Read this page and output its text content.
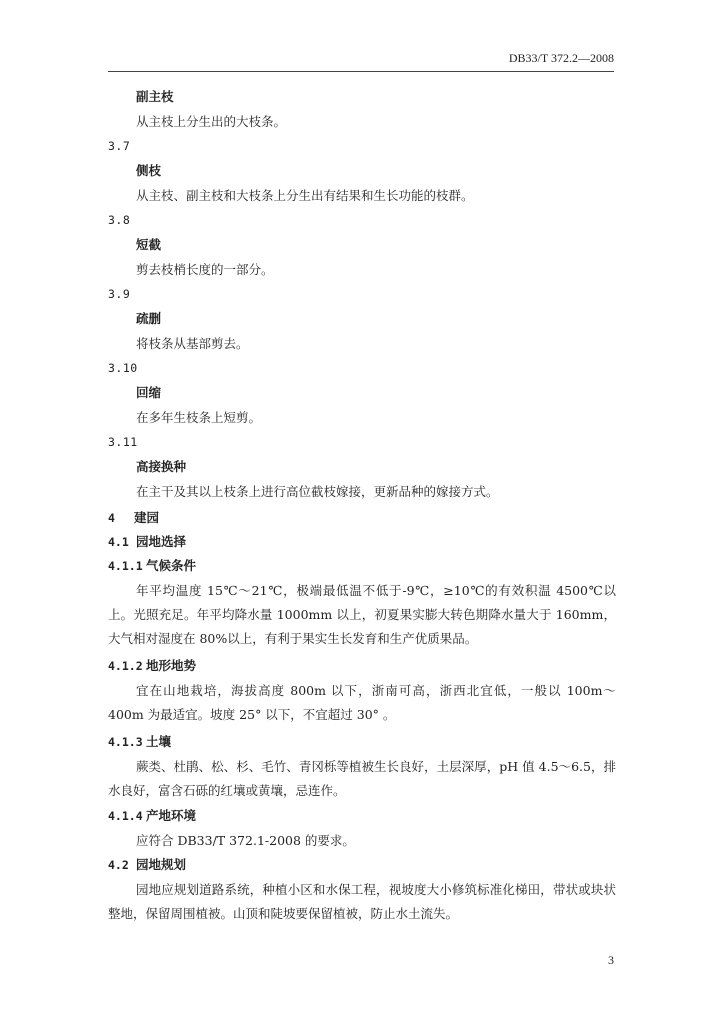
DB33/T 372.2—2008
副主枝
从主枝上分生出的大枝条。
3.7
侧枝
从主枝、副主枝和大枝条上分生出有结果和生长功能的枝群。
3.8
短截
剪去枝梢长度的一部分。
3.9
疏删
将枝条从基部剪去。
3.10
回缩
在多年生枝条上短剪。
3.11
高接换种
在主干及其以上枝条上进行高位截枝嫁接，更新品种的嫁接方式。
4 建园
4.1 园地选择
4.1.1 气候条件
年平均温度 15℃～21℃，极端最低温不低于-9℃，≥10℃的有效积温 4500℃以上。光照充足。年平均降水量 1000mm 以上，初夏果实膨大转色期降水量大于 160mm，大气相对湿度在 80%以上，有利于果实生长发育和生产优质果品。
4.1.2 地形地势
宜在山地栽培，海拔高度 800m 以下，浙南可高，浙西北宜低，一般以 100m～400m 为最适宜。坡度 25° 以下，不宜超过 30° 。
4.1.3 土壤
蕨类、杜鹃、松、杉、毛竹、青冈栎等植被生长良好，土层深厚，pH 值 4.5～6.5，排水良好，富含石砾的红壤或黄壤，忌连作。
4.1.4 产地环境
应符合 DB33/T 372.1-2008 的要求。
4.2 园地规划
园地应规划道路系统，种植小区和水保工程，视坡度大小修筑标准化梯田，带状或块状整地，保留周围植被。山顶和陡坡要保留植被，防止水土流失。
3
